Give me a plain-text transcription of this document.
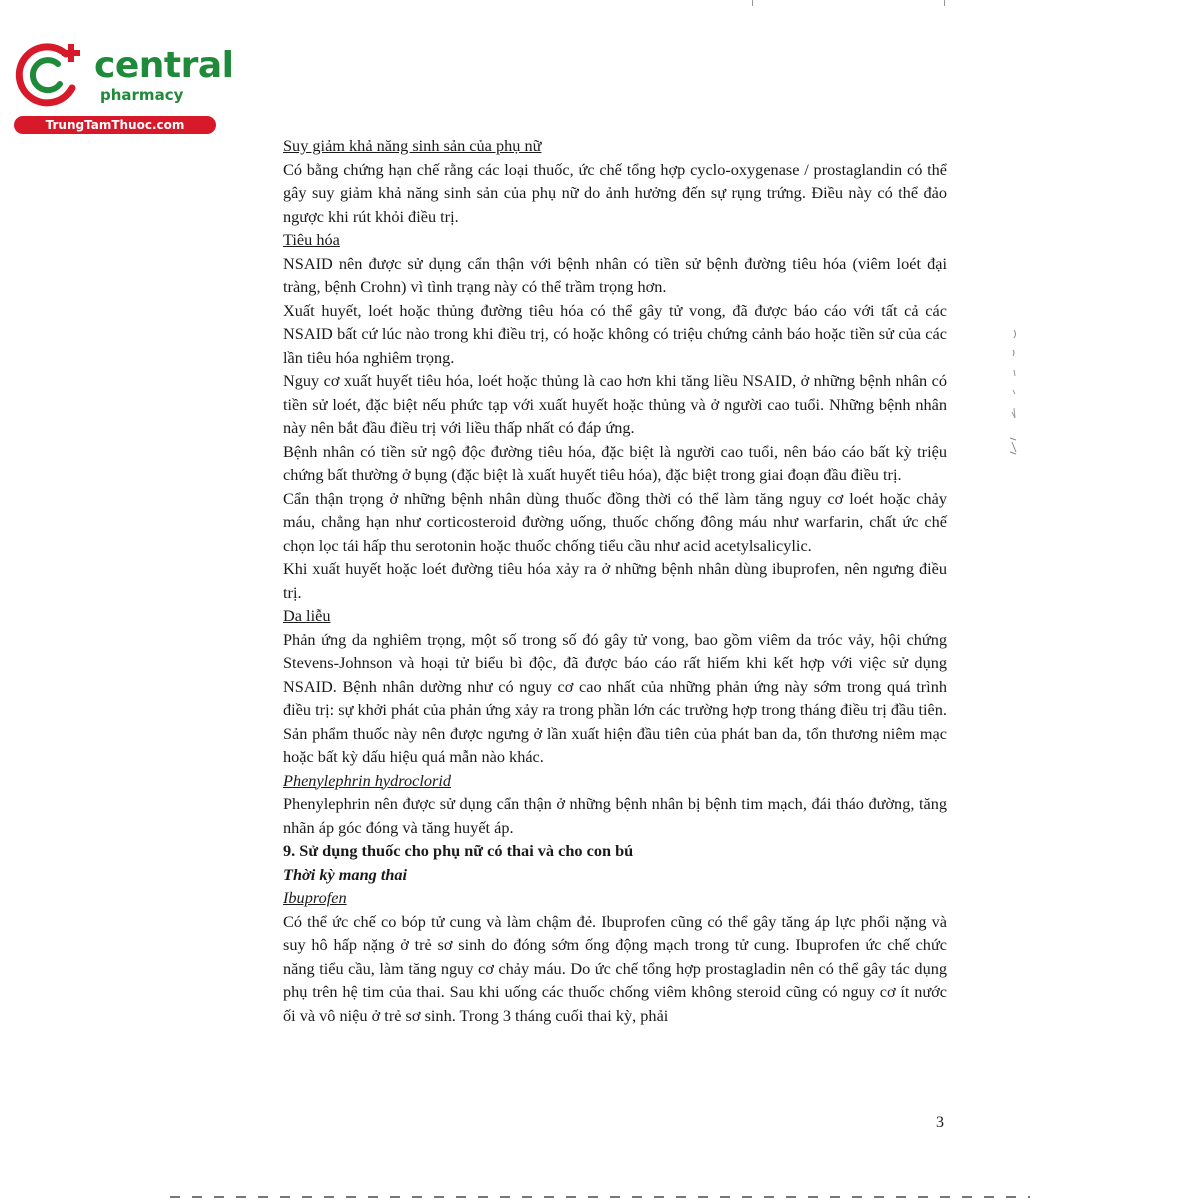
central
pharmacy
TrungTamThuoc.com

Suy giảm khả năng sinh sản của phụ nữ

Có bằng chứng hạn chế rằng các loại thuốc, ức chế tổng hợp cyclo-oxygenase / prostaglandin có thể gây suy giảm khả năng sinh sản của phụ nữ do ảnh hưởng đến sự rụng trứng. Điều này có thể đảo ngược khi rút khỏi điều trị.

Tiêu hóa

NSAID nên được sử dụng cẩn thận với bệnh nhân có tiền sử bệnh đường tiêu hóa (viêm loét đại tràng, bệnh Crohn) vì tình trạng này có thể trầm trọng hơn.

Xuất huyết, loét hoặc thủng đường tiêu hóa có thể gây tử vong, đã được báo cáo với tất cả các NSAID bất cứ lúc nào trong khi điều trị, có hoặc không có triệu chứng cảnh báo hoặc tiền sử của các lần tiêu hóa nghiêm trọng.

Nguy cơ xuất huyết tiêu hóa, loét hoặc thủng là cao hơn khi tăng liều NSAID, ở những bệnh nhân có tiền sử loét, đặc biệt nếu phức tạp với xuất huyết hoặc thủng và ở người cao tuổi. Những bệnh nhân này nên bắt đầu điều trị với liều thấp nhất có đáp ứng.

Bệnh nhân có tiền sử ngộ độc đường tiêu hóa, đặc biệt là người cao tuổi, nên báo cáo bất kỳ triệu chứng bất thường ở bụng (đặc biệt là xuất huyết tiêu hóa), đặc biệt trong giai đoạn đầu điều trị.

Cẩn thận trọng ở những bệnh nhân dùng thuốc đồng thời có thể làm tăng nguy cơ loét hoặc chảy máu, chẳng hạn như corticosteroid đường uống, thuốc chống đông máu như warfarin, chất ức chế chọn lọc tái hấp thu serotonin hoặc thuốc chống tiểu cầu như acid acetylsalicylic.

Khi xuất huyết hoặc loét đường tiêu hóa xảy ra ở những bệnh nhân dùng ibuprofen, nên ngưng điều trị.

Da liễu

Phản ứng da nghiêm trọng, một số trong số đó gây tử vong, bao gồm viêm da tróc vảy, hội chứng Stevens-Johnson và hoại tử biểu bì độc, đã được báo cáo rất hiếm khi kết hợp với việc sử dụng NSAID. Bệnh nhân dường như có nguy cơ cao nhất của những phản ứng này sớm trong quá trình điều trị: sự khởi phát của phản ứng xảy ra trong phần lớn các trường hợp trong tháng điều trị đầu tiên. Sản phẩm thuốc này nên được ngưng ở lần xuất hiện đầu tiên của phát ban da, tổn thương niêm mạc hoặc bất kỳ dấu hiệu quá mẫn nào khác.

Phenylephrin hydroclorid

Phenylephrin nên được sử dụng cẩn thận ở những bệnh nhân bị bệnh tim mạch, đái tháo đường, tăng nhãn áp góc đóng và tăng huyết áp.

9. Sử dụng thuốc cho phụ nữ có thai và cho con bú

Thời kỳ mang thai

Ibuprofen

Có thể ức chế co bóp tử cung và làm chậm đẻ. Ibuprofen cũng có thể gây tăng áp lực phổi nặng và suy hô hấp nặng ở trẻ sơ sinh do đóng sớm ống động mạch trong tử cung. Ibuprofen ức chế chức năng tiểu cầu, làm tăng nguy cơ chảy máu. Do ức chế tổng hợp prostagladin nên có thể gây tác dụng phụ trên hệ tim của thai. Sau khi uống các thuốc chống viêm không steroid cũng có nguy cơ ít nước ối và vô niệu ở trẻ sơ sinh. Trong 3 tháng cuối thai kỳ, phải

3
